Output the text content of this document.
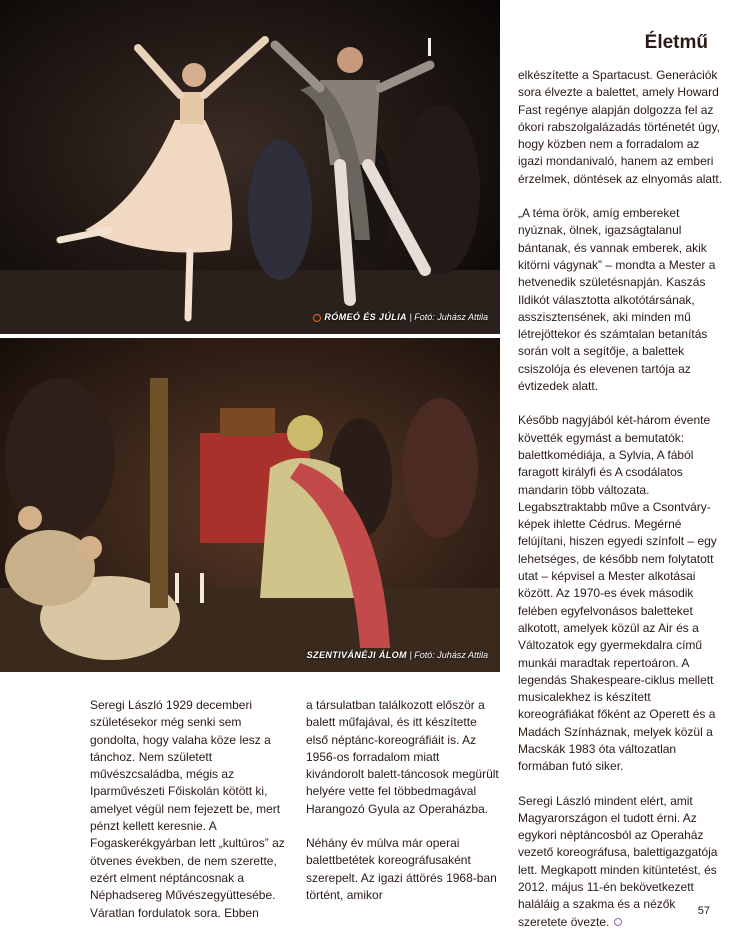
RÓMEÓ ÉS JÚLIA | Fotó: Juhász Attila
SZENTIVÁNÉJI ÁLOM | Fotó: Juhász Attila
Életmű

elkészítette a Spartacust. Generációk sora élvezte a balettet, amely Howard Fast regénye alapján dolgozza fel az ókori rabszolgalázadás történetét úgy, hogy közben nem a forradalom az igazi mondanivaló, hanem az emberi érzelmek, döntések az elnyomás alatt.

„A téma örök, amíg embereket nyúznak, ölnek, igazságtalanul bántanak, és vannak emberek, akik kitörni vágynak” – mondta a Mester a hetvenedik születésnapján. Kaszás Ildikót választotta alkotótársának, asszisztensének, aki minden mű létrejöttekor és számtalan betanítás során volt a segítője, a balettek csiszolója és elevenen tartója az évtizedek alatt.

Később nagyjából két-három évente követték egymást a bemutatók: balettkomédiája, a Sylvia, A fából faragott királyfi és A csodálatos mandarin több változata. Legabsztraktabb műve a Csontváry-képek ihlette Cédrus. Megérné felújítani, hiszen egyedi színfolt – egy lehetséges, de később nem folytatott utat – képvisel a Mester alkotásai között. Az 1970-es évek második felében egyfelvonásos baletteket alkotott, amelyek közül az Air és a Változatok egy gyermekdalra című munkái maradtak repertoáron. A legendás Shakespeare-ciklus mellett musicalekhez is készített koreográfiákat főként az Operett és a Madách Színháznak, melyek közül a Macskák 1983 óta változatlan formában futó siker.

Seregi László mindent elért, amit Magyarországon el tudott érni. Az egykori néptáncosból az Operaház vezető koreográfusa, balettigazgatója lett. Megkapott minden kitüntetést, és 2012. május 11-én bekövetkezett haláláig a szakma és a nézők szeretete övezte.

Seregi László 1929 decemberi születésekor még senki sem gondolta, hogy valaha köze lesz a tánchoz. Nem született művészcsaládba, mégis az Iparművészeti Főiskolán kötött ki, amelyet végül nem fejezett be, mert pénzt kellett keresnie. A Fogaskerékgyárban lett „kultúros” az ötvenes években, de nem szerette, ezért elment néptáncosnak a Néphadsereg Művészegyüttesébe. Váratlan fordulatok sora. Ebben

a társulatban találkozott először a balett műfajával, és itt készítette első néptánc-koreográfiáit is. Az 1956-os forradalom miatt kivándorolt balett-táncosok megürült helyére vette fel többedmagával Harangozó Gyula az Operaházba.

Néhány év múlva már operai balettbetétek koreográfusaként szerepelt. Az igazi áttörés 1968-ban történt, amikor

57
